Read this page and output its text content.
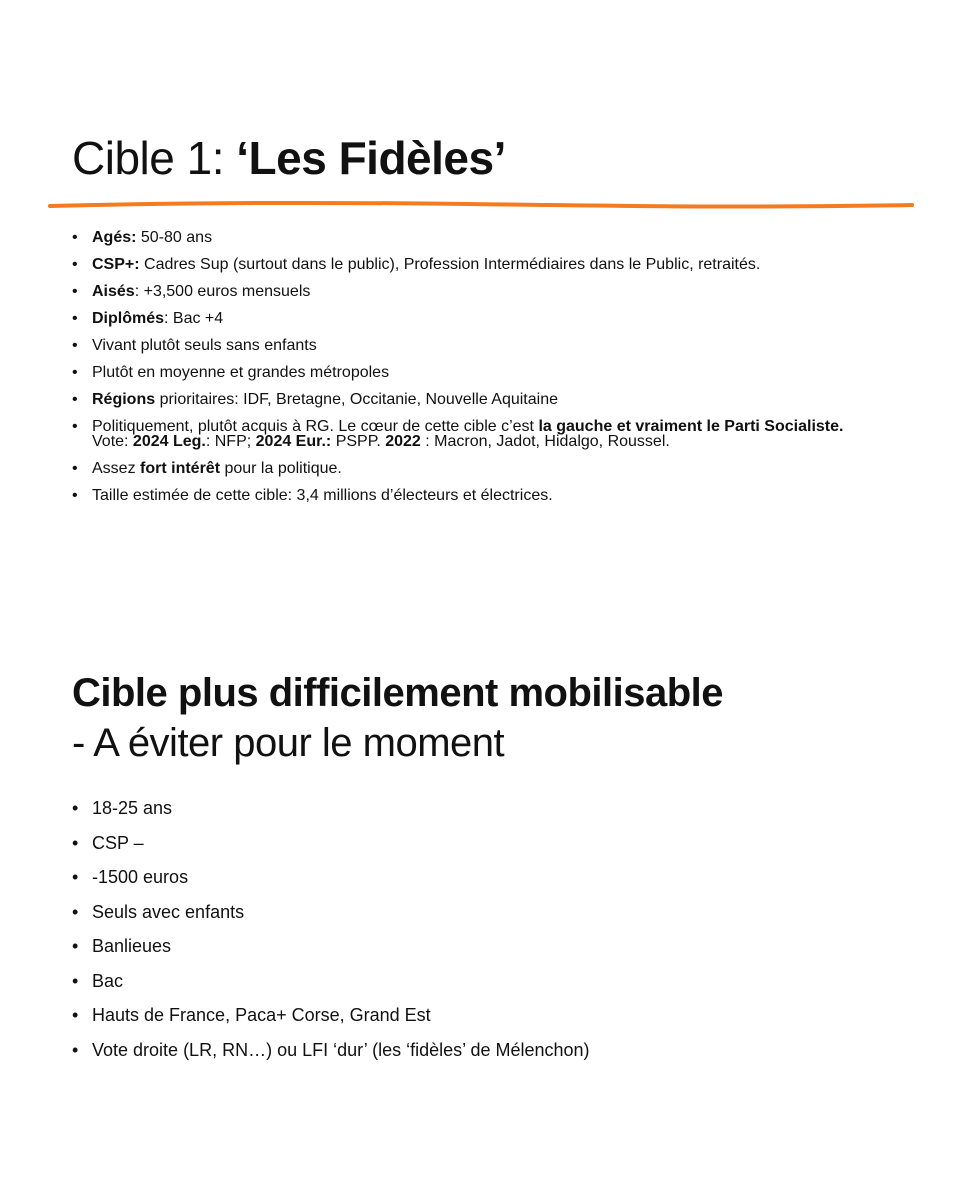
Cible 1: ‘Les Fidèles’
• Agés: 50-80 ans
• CSP+: Cadres Sup (surtout dans le public), Profession Intermédiaires dans le Public, retraités.
• Aisés: +3,500 euros mensuels
• Diplômés: Bac +4
• Vivant plutôt seuls sans enfants
• Plutôt en moyenne et grandes métropoles
• Régions prioritaires: IDF, Bretagne, Occitanie, Nouvelle Aquitaine
• Politiquement, plutôt acquis à RG. Le cœur de cette cible c’est la gauche et vraiment le Parti Socialiste. Vote: 2024 Leg.: NFP; 2024 Eur.: PSPP. 2022 : Macron, Jadot, Hidalgo, Roussel.
• Assez fort intérêt pour la politique.
• Taille estimée de cette cible: 3,4 millions d’électeurs et électrices.
Cible plus difficilement mobilisable
- A éviter pour le moment
• 18-25 ans
• CSP –
• -1500 euros
• Seuls avec enfants
• Banlieues
• Bac
• Hauts de France, Paca+ Corse, Grand Est
• Vote droite (LR, RN…) ou LFI ‘dur’ (les ‘fidèles’ de Mélenchon)
